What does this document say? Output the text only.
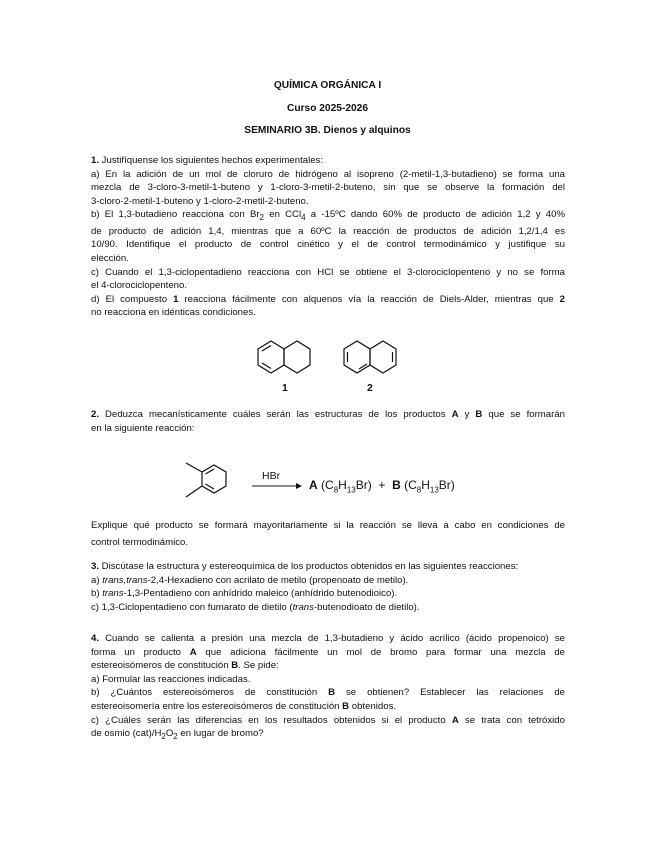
QUÍMICA ORGÁNICA I
Curso 2025-2026
SEMINARIO 3B. Dienos y alquinos
1. Justifíquense los siguientes hechos experimentales:
a) En la adición de un mol de cloruro de hidrógeno al isopreno (2-metil-1,3-butadieno) se forma una
mezcla de 3-cloro-3-metil-1-buteno y 1-cloro-3-metil-2-buteno, sin que se observe la formación del
3-cloro-2-metil-1-buteno y 1-cloro-2-metil-2-buteno.
b) El 1,3-butadieno reacciona con $Br_2$ en CCl$_4$ a -15ºC dando 60% de producto de adición 1,2 y 40%
de producto de adición 1,4, mientras que a 60ºC la reacción de productos de adición 1,2/1,4 es
10/90. Identifique el producto de control cinético y el de control termodinámico y justifique su
elección.
c) Cuando el 1,3-ciclopentadieno reacciona con HCl se obtiene el 3-clorociclopenteno y no se forma
el 4-clorociclopenteno.
d) El compuesto 1 reacciona fácilmente con alquenos vía la reacción de Diels-Alder, mientras que 2
no reacciona en idénticas condiciones.
1	2
2. Deduzca mecanísticamente cuáles serán las estructuras de los productos A y B que se formarán
en la siguiente reacción:
HBr
→ A $(C_8H_{13}Br) + B$ $(C_8H_{13}Br)$
Explique qué producto se formará mayoritariamente si la reacción se lleva a cabo en condiciones de
control termodinámico.
3. Discútase la estructura y estereoquímica de los productos obtenidos en las siguientes reacciones:
a) trans,trans-2,4-Hexadieno con acrilato de metilo (propenoato de metilo).
b) trans-1,3-Pentadieno con anhídrido maleico (anhídrido butenodioico).
c) 1,3-Ciclopentadieno con fumarato de dietilo (trans-butenodioato de dietilo).
4. Cuando se calienta a presión una mezcla de 1,3-butadieno y ácido acrílico (ácido propenoico) se
forma un producto A que adiciona fácilmente un mol de bromo para formar una mezcla de
estereoisómeros de constitución B. Se pide:
a) Formular las reacciones indicadas.
b) ¿Cuántos estereoisómeros de constitución B se obtienen? Establecer las relaciones de
estereoisomería entre los estereoisómeros de constitución B obtenidos.
c) ¿Cuáles serán las diferencias en los resultados obtenidos si el producto A se trata con tetróxido
de osmio $(cat)/H_2O_2$ en lugar de bromo?
